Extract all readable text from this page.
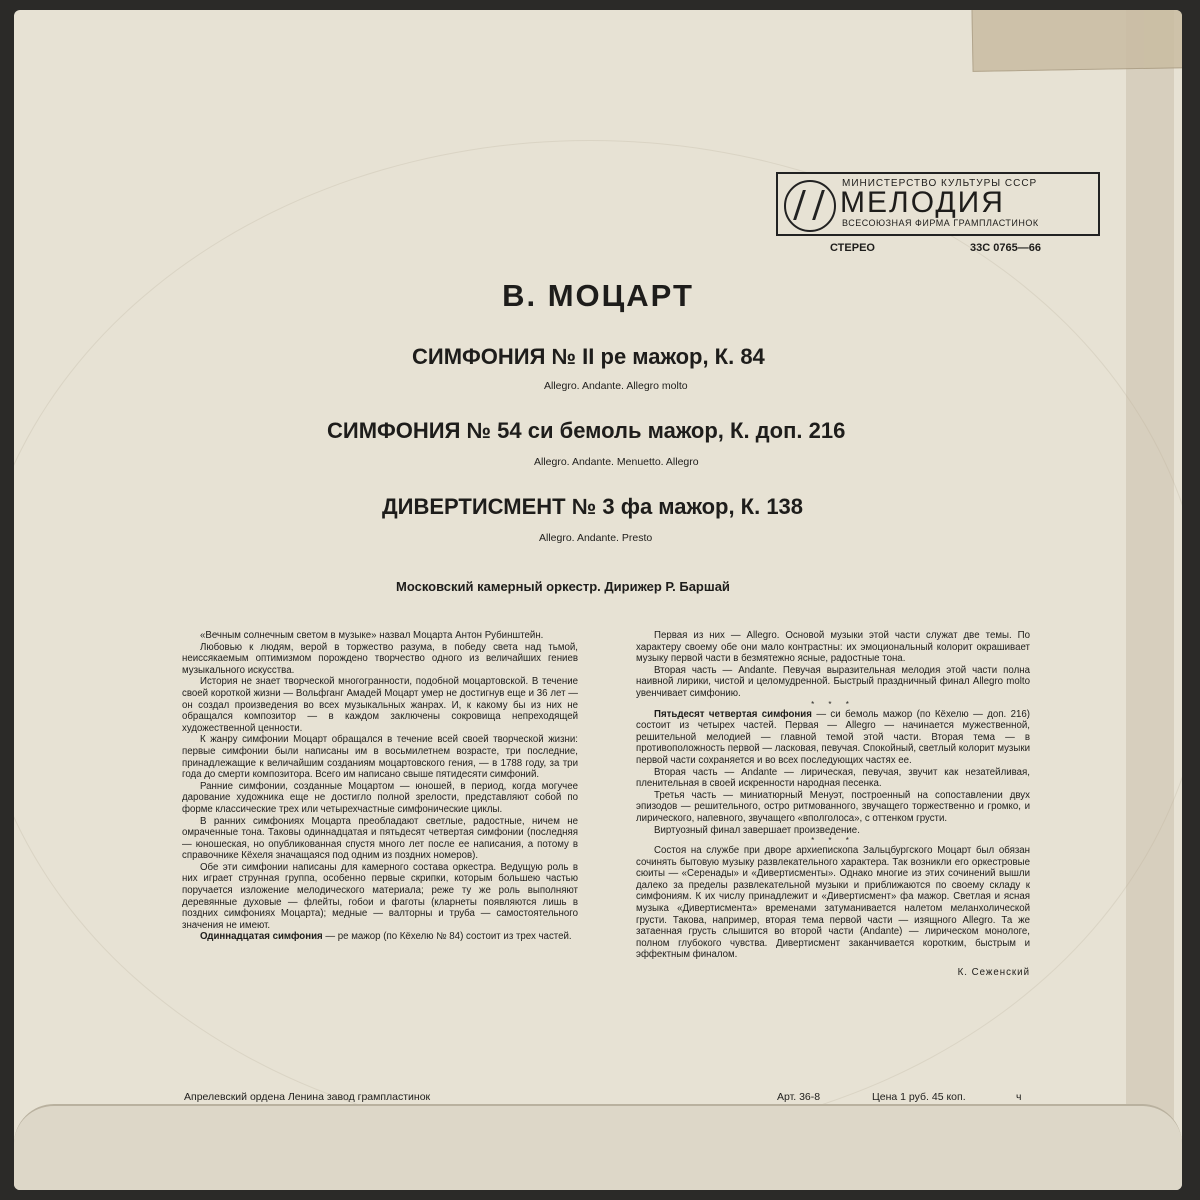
МИНИСТЕРСТВО КУЛЬТУРЫ СССР
МЕЛОДИЯ
ВСЕСОЮЗНАЯ ФИРМА ГРАМПЛАСТИНОК
СТЕРЕО	33С 0765—66
В. МОЦАРТ
СИМФОНИЯ № II ре мажор, К. 84
Allegro. Andante. Allegro molto
СИМФОНИЯ № 54 си бемоль мажор, К. доп. 216
Allegro. Andante. Menuetto. Allegro
ДИВЕРТИСМЕНТ № 3 фа мажор, К. 138
Allegro. Andante. Presto
Московский камерный оркестр. Дирижер Р. Баршай

«Вечным солнечным светом в музыке» назвал Моцарта Антон Рубинштейн.

Любовью к людям, верой в торжество разума, в победу света над тьмой, неиссякаемым оптимизмом порождено творчество одного из величайших гениев музыкального искусства.

История не знает творческой многогранности, подобной моцартовской. В течение своей короткой жизни — Вольфганг Амадей Моцарт умер не достигнув еще и 36 лет — он создал произведения во всех музыкальных жанрах. И, к какому бы из них не обращался композитор — в каждом заключены сокровища непреходящей художественной ценности.

К жанру симфонии Моцарт обращался в течение всей своей творческой жизни: первые симфонии были написаны им в восьмилетнем возрасте, три последние, принадлежащие к величайшим созданиям моцартовского гения, — в 1788 году, за три года до смерти композитора. Всего им написано свыше пятидесяти симфоний.

Ранние симфонии, созданные Моцартом — юношей, в период, когда могучее дарование художника еще не достигло полной зрелости, представляют собой по форме классические трех или четырехчастные симфонические циклы.

В ранних симфониях Моцарта преобладают светлые, радостные, ничем не омраченные тона. Таковы одиннадцатая и пятьдесят четвертая симфонии (последняя — юношеская, но опубликованная спустя много лет после ее написания, а потому в справочнике Кёхеля значащаяся под одним из поздних номеров).

Обе эти симфонии написаны для камерного состава оркестра. Ведущую роль в них играет струнная группа, особенно первые скрипки, которым большею частью поручается изложение мелодического материала; реже ту же роль выполняют деревянные духовые — флейты, гобои и фаготы (кларнеты появляются лишь в поздних симфониях Моцарта); медные — валторны и труба — самостоятельного значения не имеют.

Одиннадцатая симфония — ре мажор (по Кёхелю № 84) состоит из трех частей.

Первая из них — Allegro. Основой музыки этой части служат две темы. По характеру своему обе они мало контрастны: их эмоциональный колорит окрашивает музыку первой части в безмятежно ясные, радостные тона.

Вторая часть — Andante. Певучая выразительная мелодия этой части полна наивной лирики, чистой и целомудренной. Быстрый праздничный финал Allegro molto увенчивает симфонию.

* * *

Пятьдесят четвертая симфония — си бемоль мажор (по Кёхелю — доп. 216) состоит из четырех частей. Первая — Allegro — начинается мужественной, решительной мелодией — главной темой этой части. Вторая тема — в противоположность первой — ласковая, певучая. Спокойный, светлый колорит музыки первой части сохраняется и во всех последующих частях ее.

Вторая часть — Andante — лирическая, певучая, звучит как незатейливая, пленительная в своей искренности народная песенка.

Третья часть — миниатюрный Менуэт, построенный на сопоставлении двух эпизодов — решительного, остро ритмованного, звучащего торжественно и громко, и лирического, напевного, звучащего «вполголоса», с оттенком грусти.

Виртуозный финал завершает произведение.

* * *

Состоя на службе при дворе архиепископа Зальцбургского Моцарт был обязан сочинять бытовую музыку развлекательного характера. Так возникли его оркестровые сюиты — «Серенады» и «Дивертисменты». Однако многие из этих сочинений вышли далеко за пределы развлекательной музыки и приближаются по своему складу к симфониям. К их числу принадлежит и «Дивертисмент» фа мажор. Светлая и ясная музыка «Дивертисмента» временами затуманивается налетом меланхолической грусти. Такова, например, вторая тема первой части — изящного Allegro. Та же затаенная грусть слышится во второй части (Andante) — лирическом монологе, полном глубокого чувства. Дивертисмент заканчивается коротким, быстрым и эффектным финалом.

К. Сеженский

Апрелевский ордена Ленина завод грампластинок	Арт. 36-8	Цена 1 руб. 45 коп.	ч
